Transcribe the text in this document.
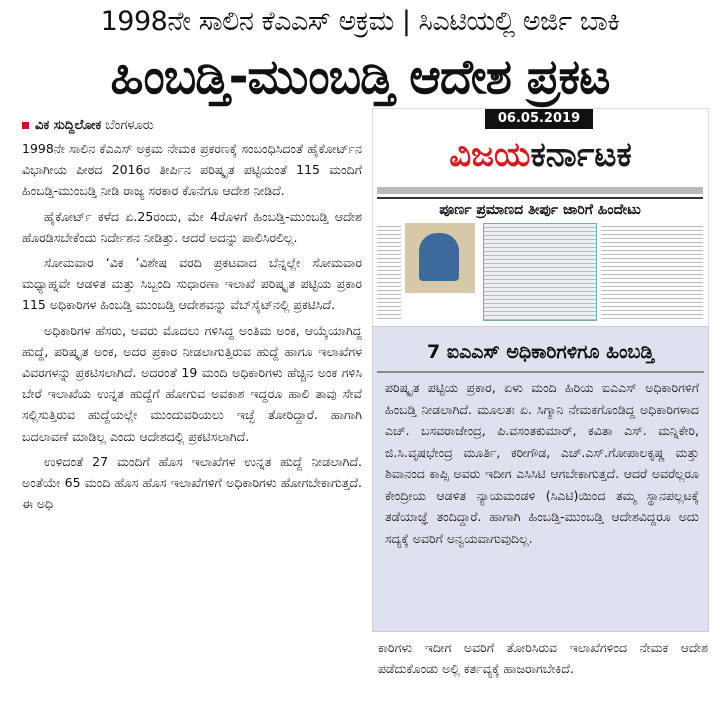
1998ನೇ ಸಾಲಿನ ಕೆಎಎಸ್ ಅಕ್ರಮ | ಸಿಎಟಿಯಲ್ಲಿ ಅರ್ಜಿ ಬಾಕಿ
ಹಿಂಬಡ್ತಿ-ಮುಂಬಡ್ತಿ ಆದೇಶ ಪ್ರಕಟ
ವಿಕ ಸುದ್ದಿಲೋಕ ಬೆಂಗಳೂರು

1998ನೇ ಸಾಲಿನ ಕೆಎಎಸ್ ಅಕ್ರಮ ನೇಮಕ ಪ್ರಕರಣಕ್ಕೆ ಸಂಬಂಧಿಸಿದಂತೆ ಹೈಕೋರ್ಟ್‌ನ ವಿಭಾಗೀಯ ಪೀಠದ 2016ರ ತೀರ್ಪಿನ ಪರಿಷ್ಕೃತ ಪಟ್ಟಿಯಂತೆ 115 ಮಂದಿಗೆ ಹಿಂಬಡ್ತಿ-ಮುಂಬಡ್ತಿ ನೀಡಿ ರಾಜ್ಯ ಸರಕಾರ ಕೊನೆಗೂ ಆದೇಶ ನೀಡಿದೆ.

ಹೈಕೋರ್ಟ್ ಕಳೆದ ಏ.25ರಂದು, ಮೇ 4ರೊಳಗೆ ಹಿಂಬಡ್ತಿ-ಮುಂಬಡ್ತಿ ಆದೇಶ ಹೊರಡಿಸಬೇಕೆಂದು ನಿರ್ದೇಶನ ನೀಡಿತ್ತು. ಆದರೆ ಅದನ್ನು ಪಾಲಿಸಿರಲಿಲ್ಲ.

ಸೋಮವಾರ ‘ವಿಕ ’ವಿಶೇಷ ವರದಿ ಪ್ರಕಟವಾದ ಬೆನ್ನಲ್ಲೇ ಸೋಮವಾರ ಮಧ್ಯಾಹ್ನವೇ ಆಡಳಿತ ಮತ್ತು ಸಿಬ್ಬಂದಿ ಸುಧಾರಣಾ ಇಲಾಖೆ ಪರಿಷ್ಕೃತ ಪಟ್ಟಿಯ ಪ್ರಕಾರ 115 ಅಧಿಕಾರಿಗಳ ಹಿಂಬಡ್ತಿ ಮುಂಬಡ್ತಿ ಆದೇಶವನ್ನು ವೆಬ್‌ಸೈಟ್‌ನಲ್ಲಿ ಪ್ರಕಟಿಸಿದೆ.

ಅಧಿಕಾರಿಗಳ ಹೆಸರು, ಅವರು ಮೊದಲು ಗಳಿಸಿದ್ದ ಅಂತಿಮ ಅಂಕ, ಆಯ್ಕೆಯಾಗಿದ್ದ ಹುದ್ದೆ, ಪರಿಷ್ಕೃತ ಅಂಕ, ಅದರ ಪ್ರಕಾರ ನೀಡಲಾಗುತ್ತಿರುವ ಹುದ್ದೆ ಹಾಗೂ ಇಲಾಖೆಗಳ ವಿವರಗಳನ್ನು ಪ್ರಕಟಿಸಲಾಗಿದೆ. ಅದರಂತೆ 19 ಮಂದಿ ಅಧಿಕಾರಿಗಳು ಹೆಚ್ಚಿನ ಅಂಕ ಗಳಿಸಿ ಬೇರೆ ಇಲಾಖೆಯ ಉನ್ನತ ಹುದ್ದೆಗೆ ಹೋಗುವ ಅವಕಾಶ ಇದ್ದರೂ ಹಾಲಿ ತಾವು ಸೇವೆ ಸಲ್ಲಿಸುತ್ತಿರುವ ಹುದ್ದೆಯಲ್ಲೇ ಮುಂದುವರಿಯಲು ಇಚ್ಛೆ ತೋರಿದ್ದಾರೆ. ಹಾಗಾಗಿ ಬದಲಾವಣೆ ಮಾಡಿಲ್ಲ ಎಂದು ಆದೇಶದಲ್ಲಿ ಪ್ರಕಟಿಸಲಾಗಿದೆ.

ಉಳಿದಂತೆ 27 ಮಂದಿಗೆ ಹೊಸ ಇಲಾಖೆಗಳ ಉನ್ನತ ಹುದ್ದೆ ನೀಡಲಾಗಿದೆ. ಅಂತೆಯೇ 65 ಮಂದಿ ಹೊಸ ಹೊಸ ಇಲಾಖೆಗಳಿಗೆ ಅಧಿಕಾರಿಗಳು ಹೋಗಬೇಕಾಗುತ್ತದೆ. ಈ ಅಧಿ

06.05.2019
ವಿಜಯಕರ್ನಾಟಕ
ಪೂರ್ಣ ಪ್ರಮಾಣದ ತೀರ್ಪು ಜಾರಿಗೆ ಹಿಂದೇಟು
7 ಐಎಎಸ್ ಅಧಿಕಾರಿಗಳಿಗೂ ಹಿಂಬಡ್ತಿ
ಪರಿಷ್ಕೃತ ಪಟ್ಟಿಯ ಪ್ರಕಾರ, ಏಳು ಮಂದಿ ಹಿರಿಯ ಐಎಎಸ್ ಅಧಿಕಾರಿಗಳಿಗೆ ಹಿಂಬಡ್ತಿ ನೀಡಲಾಗಿದೆ. ಮೂಲತಃ ಏ. ಸಿಗ್ಮಾನಿ ನೇಮಕಗೊಂಡಿದ್ದ ಅಧಿಕಾರಿಗಳಾದ ಎಚ್. ಬಸವರಾಜೇಂದ್ರ, ಪಿ.ವಸಂತಕುಮಾರ್, ಕವಿತಾ ಎಸ್. ಮನ್ನಿಕೇರಿ, ಜಿ.ಸಿ.ವೃಷಭೇಂದ್ರ ಮೂರ್ತಿ, ಕರೀಗೌಡ, ಎಚ್.ಎಸ್.ಗೋಪಾಲಕೃಷ್ಣ ಮತ್ತು ಶಿವಾನಂದ ಕಾಪ್ಸಿ ಅವರು ಇದೀಗ ಎಸಿಸಿಟಿ ಆಗಬೇಕಾಗುತ್ತದೆ. ಆದರೆ ಅವರೆಲ್ಲರೂ ಕೇಂದ್ರೀಯ ಆಡಳಿತ ನ್ಯಾಯಮಂಡಳಿ (ಸಿಎಟಿ)ಯಿಂದ ತಮ್ಮ ಸ್ಥಾನಪಲ್ಲಟಕ್ಕೆ ತಡೆಯಾಜ್ಞೆ ತಂದಿದ್ದಾರೆ. ಹಾಗಾಗಿ ಹಿಂಬಡ್ತಿ-ಮುಂಬಡ್ತಿ ಆದೇಶವಿದ್ದರೂ ಅದು ಸದ್ಯಕ್ಕೆ ಅವರಿಗೆ ಅನ್ವಯವಾಗುವುದಿಲ್ಲ.
ಕಾರಿಗಳು ಇದೀಗ ಅವರಿಗೆ ತೋರಿಸಿರುವ ಇಲಾಖೆಗಳಿಂದ ನೇಮಕ ಆದೇಶ ಪಡೆದುಕೊಂಡು ಅಲ್ಲಿ ಕರ್ತವ್ಯಕ್ಕೆ ಹಾಜರಾಗಬೇಕಿದೆ.
